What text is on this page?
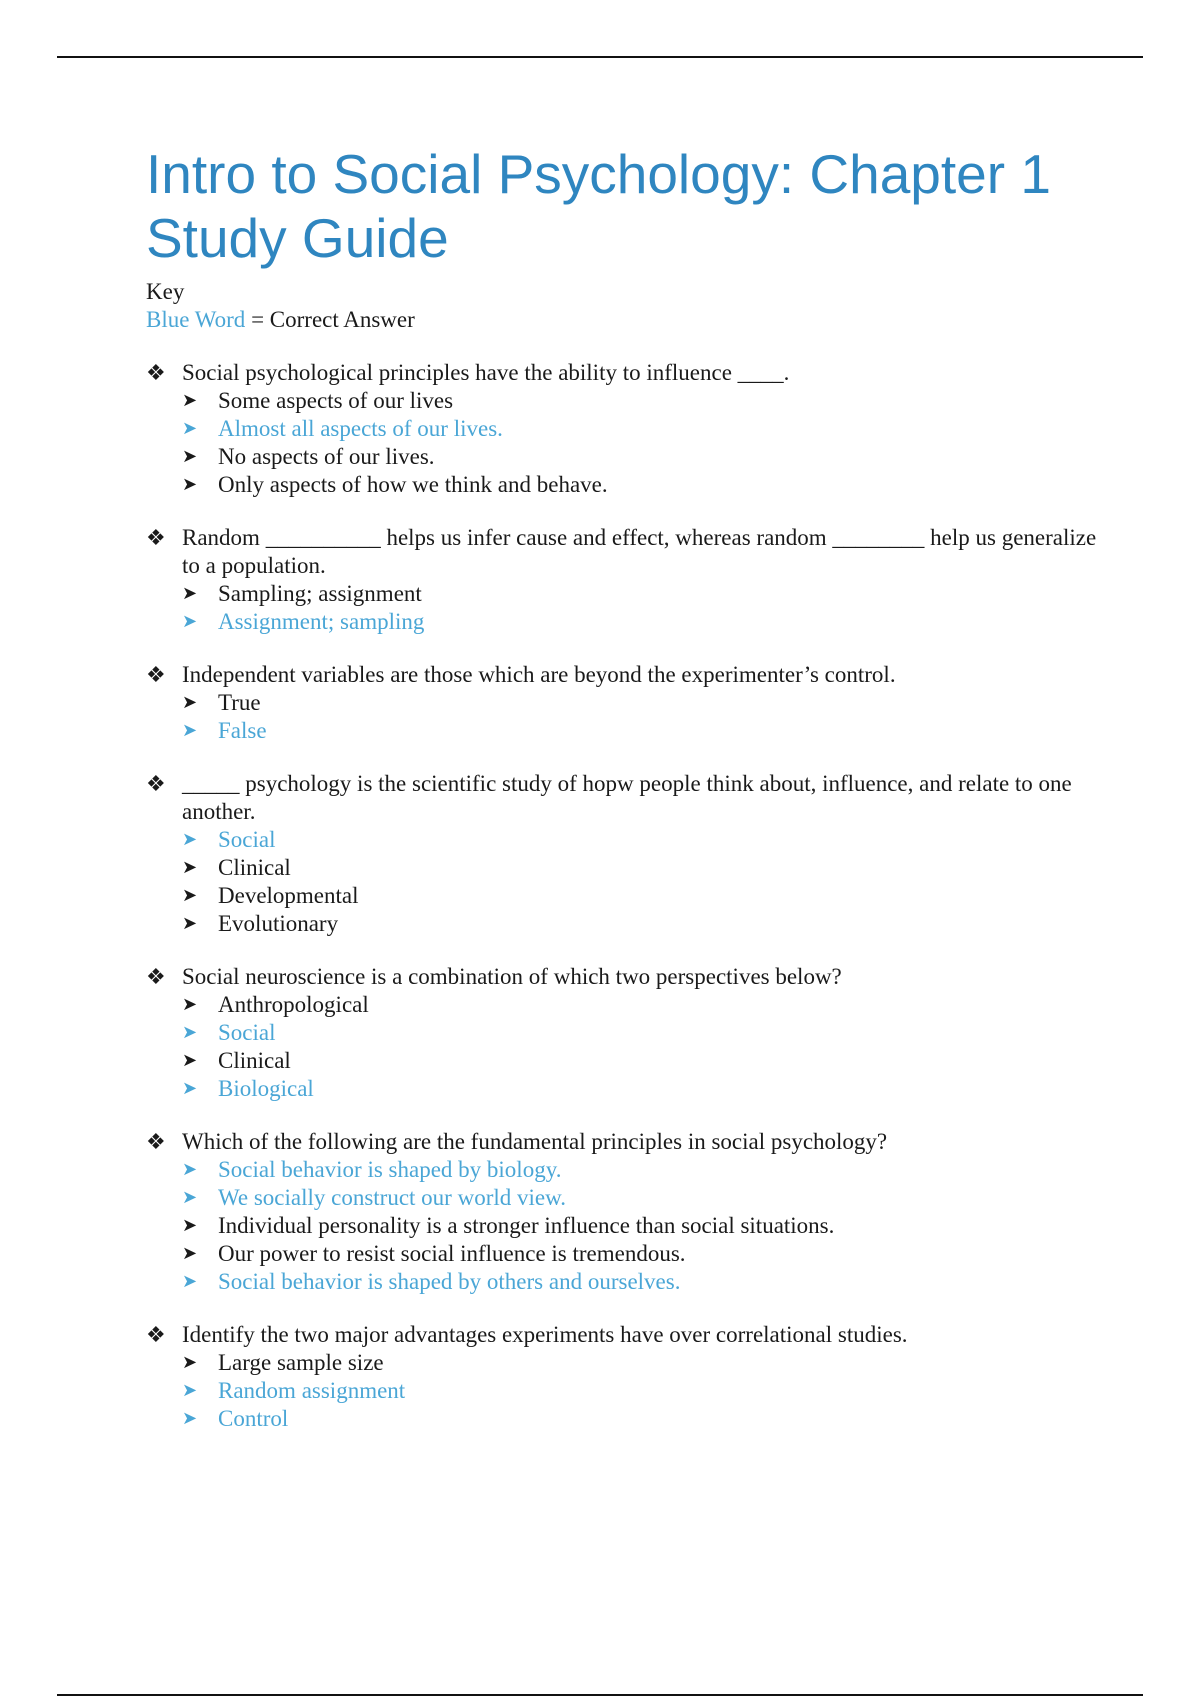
Intro to Social Psychology: Chapter 1 Study Guide
Key
Blue Word = Correct Answer
❖ Social psychological principles have the ability to influence ____.
➤ Some aspects of our lives
➤ Almost all aspects of our lives.
➤ No aspects of our lives.
➤ Only aspects of how we think and behave.
❖ Random __________ helps us infer cause and effect, whereas random ________ help us generalize to a population.
➤ Sampling; assignment
➤ Assignment; sampling
❖ Independent variables are those which are beyond the experimenter’s control.
➤ True
➤ False
❖ _____ psychology is the scientific study of hopw people think about, influence, and relate to one another.
➤ Social
➤ Clinical
➤ Developmental
➤ Evolutionary
❖ Social neuroscience is a combination of which two perspectives below?
➤ Anthropological
➤ Social
➤ Clinical
➤ Biological
❖ Which of the following are the fundamental principles in social psychology?
➤ Social behavior is shaped by biology.
➤ We socially construct our world view.
➤ Individual personality is a stronger influence than social situations.
➤ Our power to resist social influence is tremendous.
➤ Social behavior is shaped by others and ourselves.
❖ Identify the two major advantages experiments have over correlational studies.
➤ Large sample size
➤ Random assignment
➤ Control
